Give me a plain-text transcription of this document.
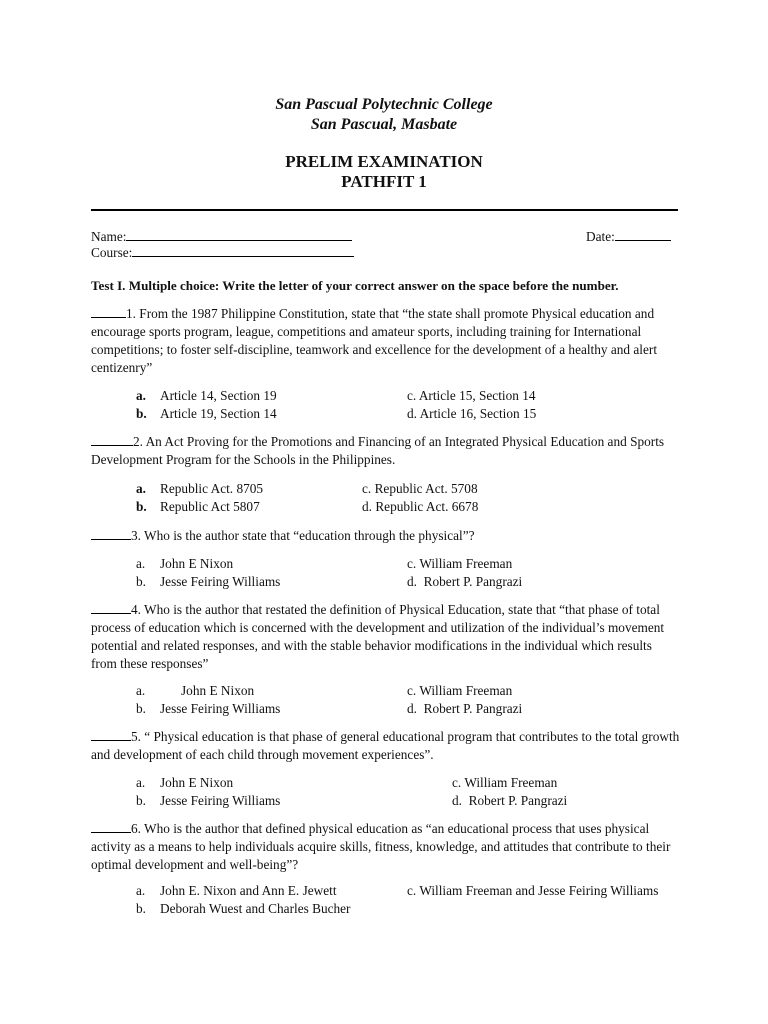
San Pascual Polytechnic College
San Pascual, Masbate
PRELIM EXAMINATION
PATHFIT 1
Name:	Date:
Course:
Test I. Multiple choice: Write the letter of your correct answer on the space before the number.
1. From the 1987 Philippine Constitution, state that “the state shall promote Physical education and encourage sports program, league, competitions and amateur sports, including training for International competitions; to foster self-discipline, teamwork and excellence for the development of a healthy and alert centizenry”
a. Article 14, Section 19	c. Article 15, Section 14
b. Article 19, Section 14	d. Article 16, Section 15
2. An Act Proving for the Promotions and Financing of an Integrated Physical Education and Sports Development Program for the Schools in the Philippines.
a. Republic Act. 8705	c. Republic Act. 5708
b. Republic Act 5807	d. Republic Act. 6678
3. Who is the author state that “education through the physical”?
a. John E Nixon	c. William Freeman
b. Jesse Feiring Williams	d. Robert P. Pangrazi
4. Who is the author that restated the definition of Physical Education, state that “that phase of total process of education which is concerned with the development and utilization of the individual’s movement potential and related responses, and with the stable behavior modifications in the individual which results from these responses”
a.	John E Nixon	c. William Freeman
b. Jesse Feiring Williams	d. Robert P. Pangrazi
5. “ Physical education is that phase of general educational program that contributes to the total growth and development of each child through movement experiences”.
a. John E Nixon	c. William Freeman
b. Jesse Feiring Williams	d. Robert P. Pangrazi
6. Who is the author that defined physical education as “an educational process that uses physical activity as a means to help individuals acquire skills, fitness, knowledge, and attitudes that contribute to their optimal development and well-being”?
a. John E. Nixon and Ann E. Jewett	c. William Freeman and Jesse Feiring Williams
b. Deborah Wuest and Charles Bucher
